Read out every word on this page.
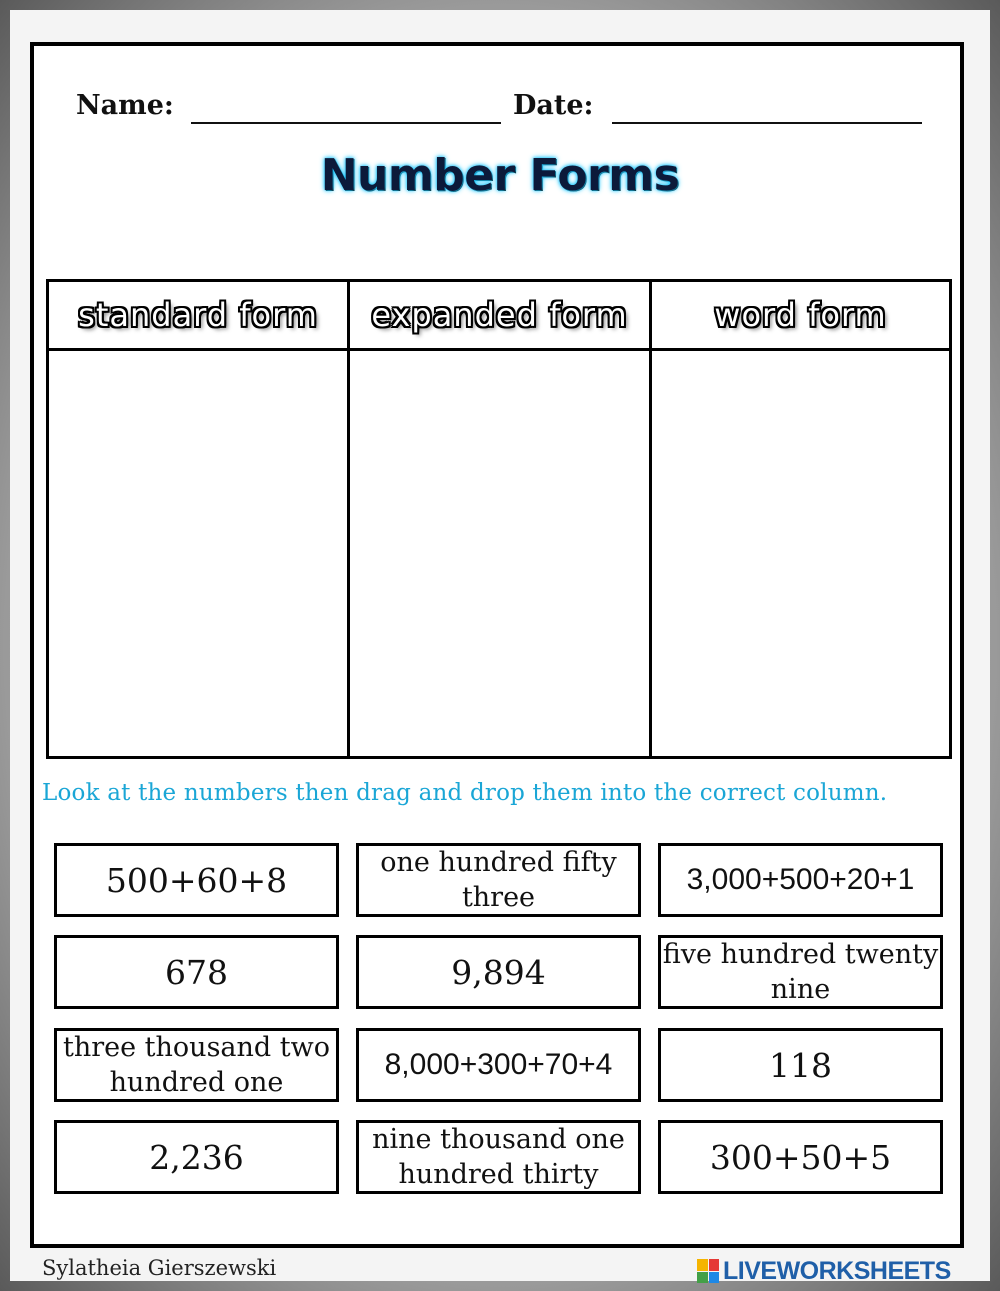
Name:	Date:
Number Forms
standard form	expanded form	word form
Look at the numbers then drag and drop them into the correct column.
500+60+8	one hundred fifty three
3,000+500+20+1
678	9,894	five hundred twenty nine
three thousand two hundred one
8,000+300+70+4	118
2,236	nine thousand one hundred thirty	300+50+5
Sylatheia Gierszewski	LIVEWORKSHEETS
